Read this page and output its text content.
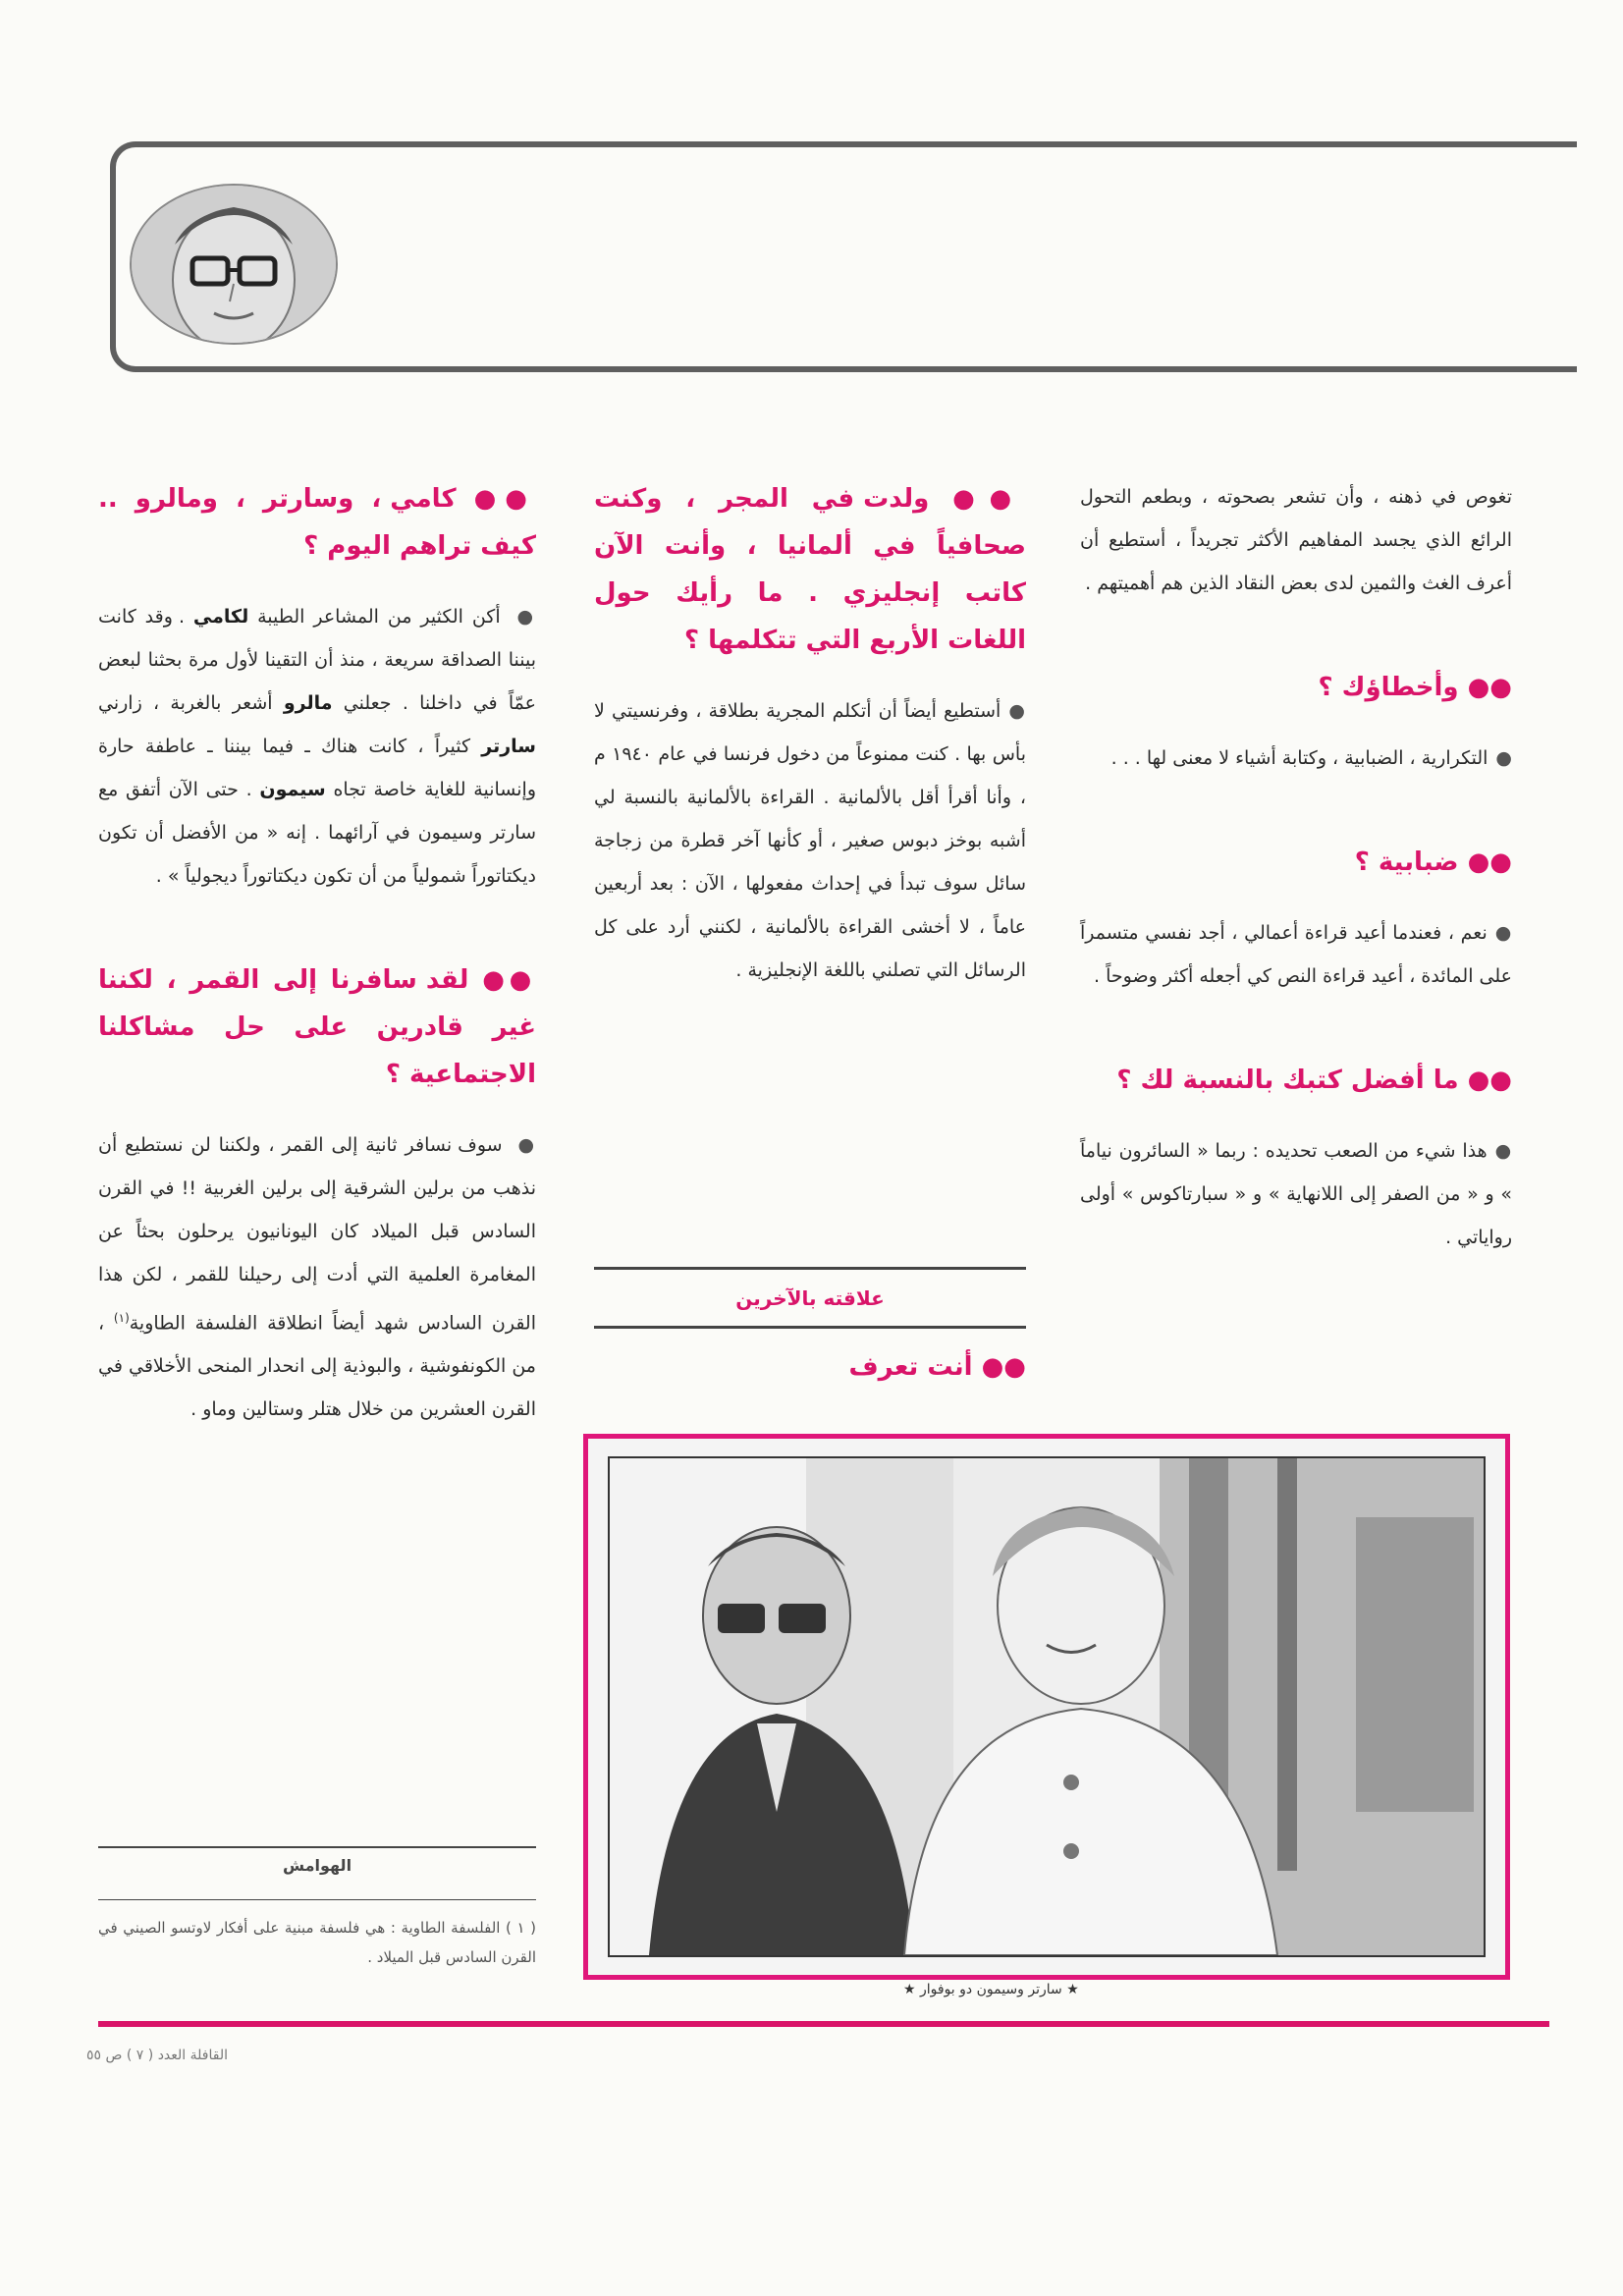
تغوص في ذهنه ، وأن تشعر بصحوته ، وبطعم التحول الرائع الذي يجسد المفاهيم الأكثر تجريداً ، أستطيع أن أعرف الغث والثمين لدى بعض النقاد الذين هم أهميتهم .

●● وأخطاؤك ؟

●التكرارية ، الضبابية ، وكتابة أشياء لا معنى لها . . .

●● ضبابية ؟

●نعم ، فعندما أعيد قراءة أعمالي ، أجد نفسي متسمراً على المائدة ، أعيد قراءة النص كي أجعله أكثر وضوحاً .

●● ما أفضل كتبك بالنسبة لك ؟

●هذا شيء من الصعب تحديده : ربما « السائرون نياماً » و « من الصفر إلى اللانهاية » و « سبارتاكوس » أولى رواياتي .

●● ولدت في المجر ، وكنت صحافياً في ألمانيا ، وأنت الآن كاتب إنجليزي . ما رأيك حول اللغات الأربع التي تتكلمها ؟

●أستطيع أيضاً أن أتكلم المجرية بطلاقة ، وفرنسيتي لا بأس بها . كنت ممنوعاً من دخول فرنسا في عام ١٩٤٠ م ، وأنا أقرأ أقل بالألمانية . القراءة بالألمانية بالنسبة لي أشبه بوخز دبوس صغير ، أو كأنها آخر قطرة من زجاجة سائل سوف تبدأ في إحداث مفعولها ، الآن : بعد أربعين عاماً ، لا أخشى القراءة بالألمانية ، لكنني أرد على كل الرسائل التي تصلني باللغة الإنجليزية .

علاقته بالآخرين

●● أنت تعرف

●● كامي ، وسارتر ، ومالرو .. كيف تراهم اليوم ؟

● أكن الكثير من المشاعر الطيبة لكامي . وقد كانت بيننا الصداقة سريعة ، منذ أن التقينا لأول مرة بحثنا لبعض عمّاً في داخلنا . جعلني مالرو أشعر بالغربة ، زارني سارتر كثيراً ، كانت هناك ـ فيما بيننا ـ عاطفة حارة وإنسانية للغاية خاصة تجاه سيمون . حتى الآن أتفق مع سارتر وسيمون في آرائهما . إنه « من الأفضل أن تكون ديكتاتوراً شمولياً من أن تكون ديكتاتوراً ديجولياً » .

●● لقد سافرنا إلى القمر ، لكننا غير قادرين على حل مشاكلنا الاجتماعية ؟

● سوف نسافر ثانية إلى القمر ، ولكننا لن نستطيع أن نذهب من برلين الشرقية إلى برلين الغربية !! في القرن السادس قبل الميلاد كان اليونانيون يرحلون بحثاً عن المغامرة العلمية التي أدت إلى رحيلنا للقمر ، لكن هذا القرن السادس شهد أيضاً انطلاقة الفلسفة الطاوية$^{(١)}$ ، من الكونفوشية ، والبوذية إلى انحدار المنحى الأخلاقي في القرن العشرين من خلال هتلر وستالين وماو .

الهوامش
( ١ ) الفلسفة الطاوية : هي فلسفة مبنية على أفكار لاوتسو الصيني في القرن السادس قبل الميلاد .
★ سارتر وسيمون دو بوفوار ★
القافلة العدد ( ٧ ) ص ٥٥
